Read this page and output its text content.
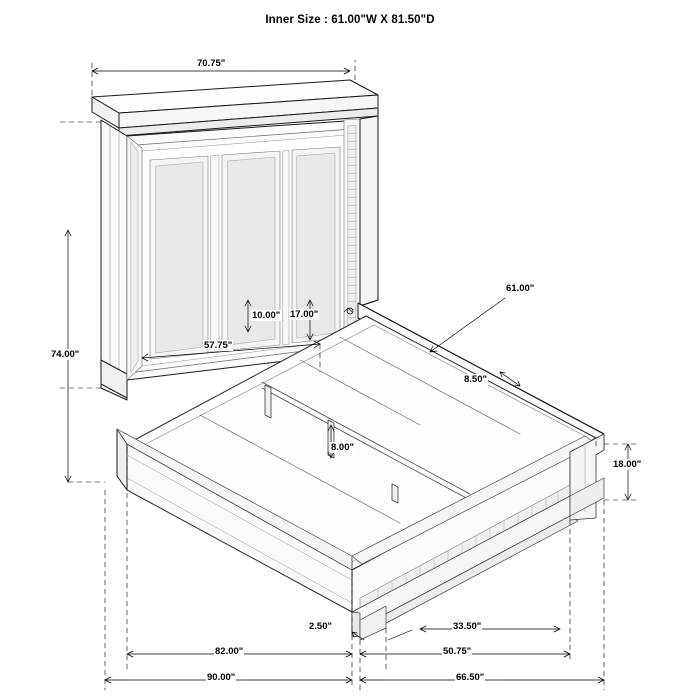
Inner Size : 61.00"W X 81.50"D
70.75"
74.00"
10.00" 17.00"
57.75"
61.00"
8.50"
8.00"
18.00"
2.50"	33.50"
82.00"	50.75"
90.00"	66.50"
